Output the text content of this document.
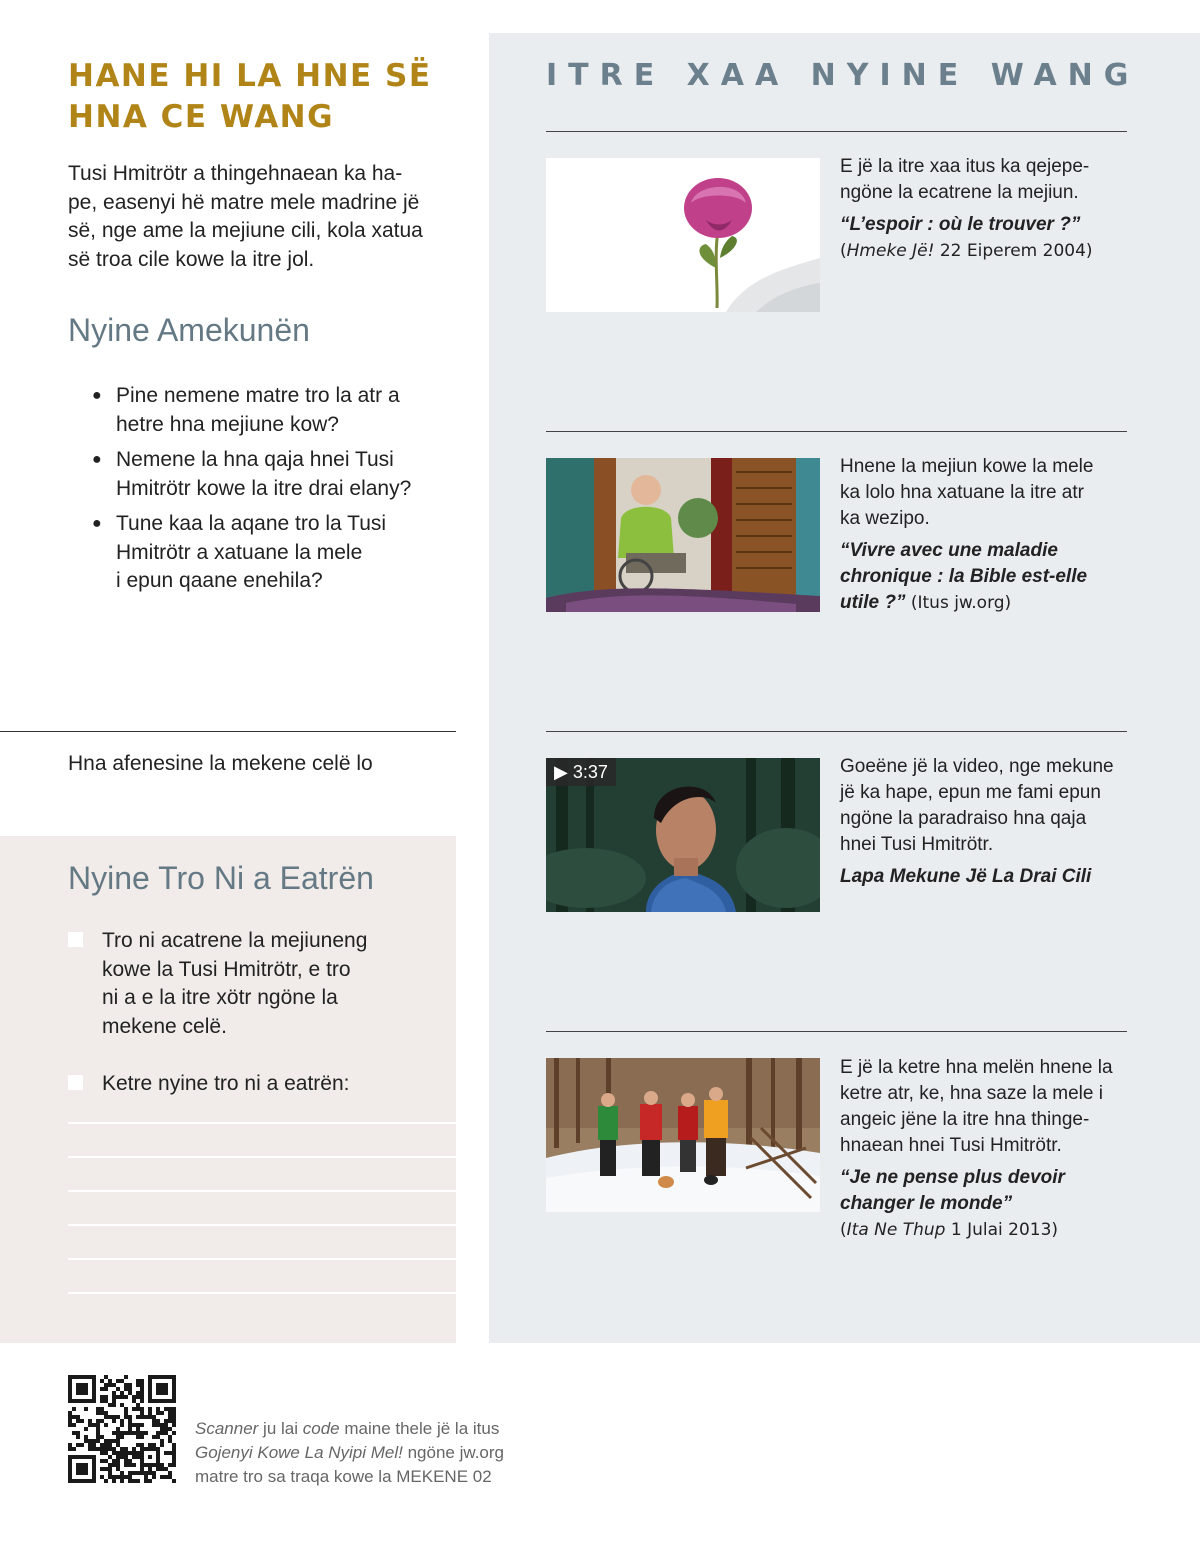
HANE HI LA HNE SË
HNA CE WANG

Tusi Hmitrötr a thingehnaean ka ha-
pe, easenyi hë matre mele madrine jë
së, nge ame la mejiune cili, kola xatua
së troa cile kowe la itre jol.

Nyine Amekunën
● Pine nemene matre tro la atr a
hetre hna mejiune kow?
● Nemene la hna qaja hnei Tusi
Hmitrötr kowe la itre drai elany?
● Tune kaa la aqane tro la Tusi
Hmitrötr a xatuane la mele
i epun qaane enehila?
Hna afenesine la mekene celë lo
Nyine Tro Ni a Eatrën
Tro ni acatrene la mejiuneng
kowe la Tusi Hmitrötr, e tro
ni a e la itre xötr ngöne la
mekene celë.
Ketre nyine tro ni a eatrën:
ITRE XAA NYINE WANG
E jë la itre xaa itus ka qejepe-
ngöne la ecatrene la mejiun.
“L’espoir : où le trouver ?”
(Hmeke Jë! 22 Eiperem 2004)
Hnene la mejiun kowe la mele
ka lolo hna xatuane la itre atr
ka wezipo.
“Vivre avec une maladie
chronique : la Bible est-elle
utile ?” (Itus jw.org)
▶ 3:37	Goeëne jë la video, nge mekune
jë ka hape, epun me fami epun
ngöne la paradraiso hna qaja
hnei Tusi Hmitrötr.
Lapa Mekune Jë La Drai Cili
E jë la ketre hna melën hnene la
ketre atr, ke, hna saze la mele i
angeic jëne la itre hna thinge-
hnaean hnei Tusi Hmitrötr.
“Je ne pense plus devoir
changer le monde”
(Ita Ne Thup 1 Julai 2013)
Scanner ju lai code maine thele jë la itus
Gojenyi Kowe La Nyipi Mel! ngöne jw.org
matre tro sa traqa kowe la MEKENE 02
